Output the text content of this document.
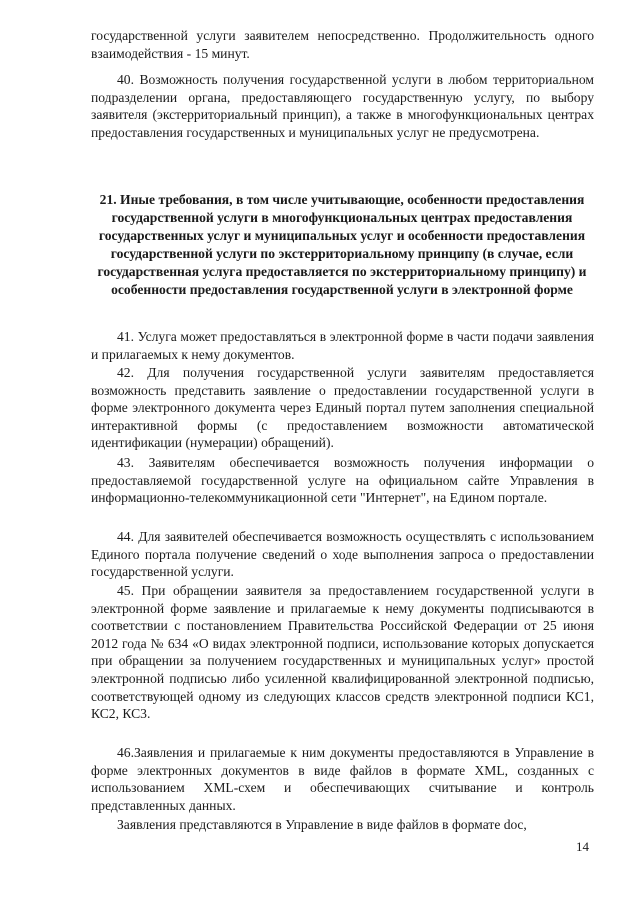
государственной услуги заявителем непосредственно. Продолжительность одного взаимодействия - 15 минут.

40. Возможность получения государственной услуги в любом территориальном подразделении органа, предоставляющего государственную услугу, по выбору заявителя (экстерриториальный принцип), а также в многофункциональных центрах предоставления государственных и муниципальных услуг не предусмотрена.

21. Иные требования, в том числе учитывающие, особенности предоставления государственной услуги в многофункциональных центрах предоставления государственных услуг и муниципальных услуг и особенности предоставления государственной услуги по экстерриториальному принципу (в случае, если государственная услуга предоставляется по экстерриториальному принципу) и особенности предоставления государственной услуги в электронной форме

41. Услуга может предоставляться в электронной форме в части подачи заявления и прилагаемых к нему документов.

42. Для получения государственной услуги заявителям предоставляется возможность представить заявление о предоставлении государственной услуги в форме электронного документа через Единый портал путем заполнения специальной интерактивной формы (с предоставлением возможности автоматической идентификации (нумерации) обращений).

43. Заявителям обеспечивается возможность получения информации о предоставляемой государственной услуге на официальном сайте Управления в информационно-телекоммуникационной сети "Интернет", на Едином портале.

44. Для заявителей обеспечивается возможность осуществлять с использованием Единого портала получение сведений о ходе выполнения запроса о предоставлении государственной услуги.

45. При обращении заявителя за предоставлением государственной услуги в электронной форме заявление и прилагаемые к нему документы подписываются в соответствии с постановлением Правительства Российской Федерации от 25 июня 2012 года № 634 «О видах электронной подписи, использование которых допускается при обращении за получением государственных и муниципальных услуг» простой электронной подписью либо усиленной квалифицированной электронной подписью, соответствующей одному из следующих классов средств электронной подписи КС1, КС2, КС3.

46.Заявления и прилагаемые к ним документы предоставляются в Управление в форме электронных документов в виде файлов в формате XML, созданных с использованием XML-схем и обеспечивающих считывание и контроль представленных данных.

Заявления представляются в Управление в виде файлов в формате doc,

14
